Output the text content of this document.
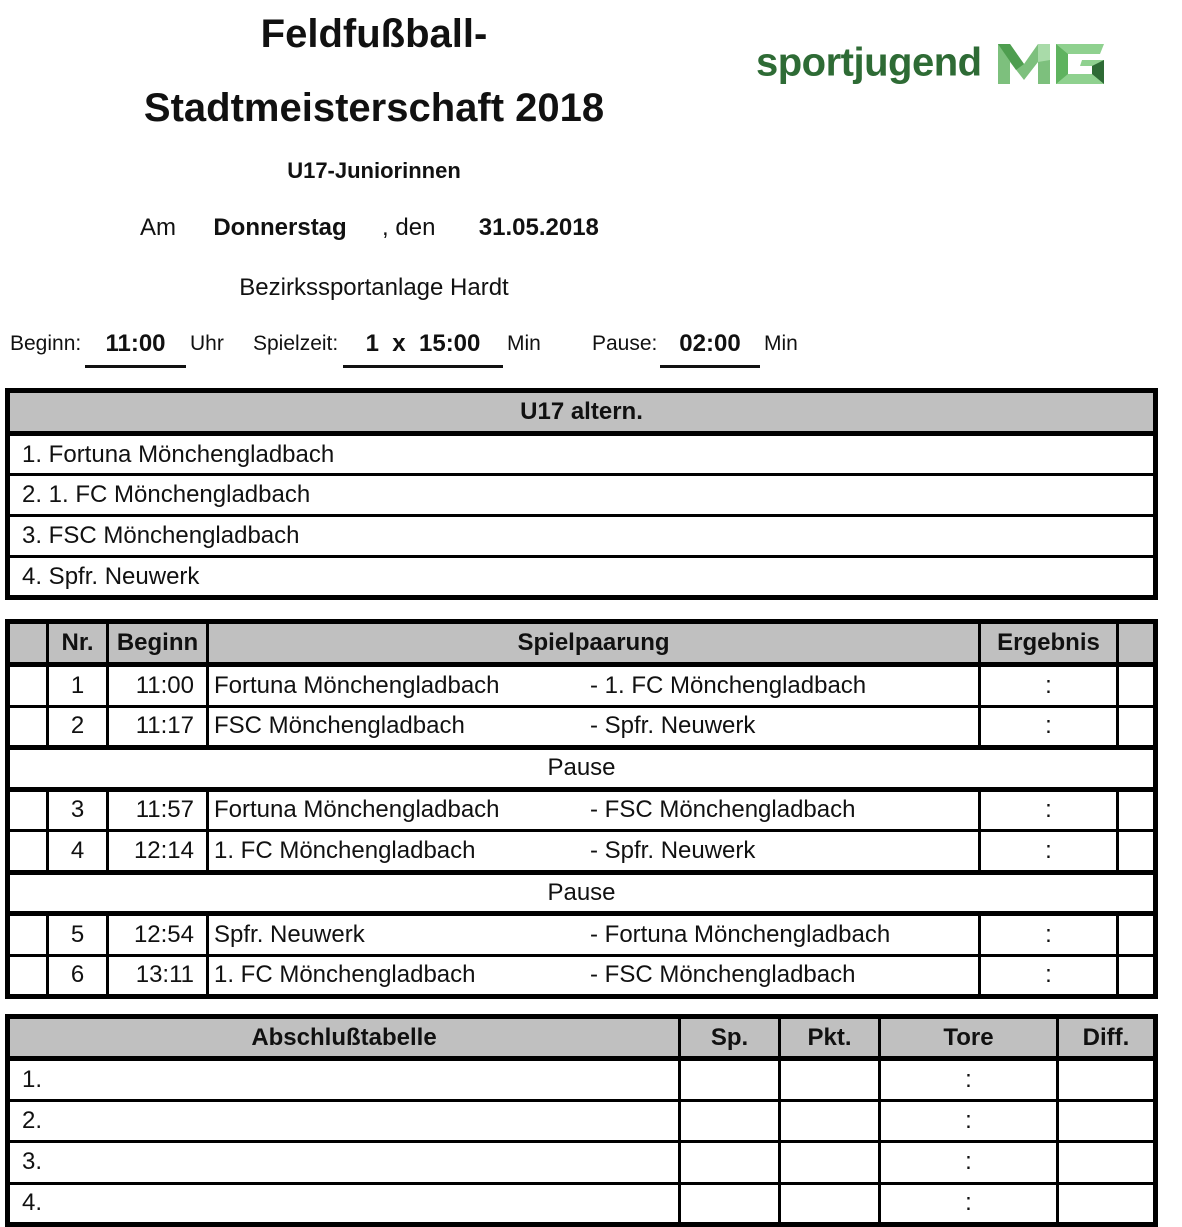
Feldfußball-
Stadtmeisterschaft 2018
U17-Juniorinnen
Am Donnerstag , den 31.05.2018
Bezirkssportanlage Hardt
sportjugend
Beginn:	11:00	Uhr Spielzeit:	1  x  15:00	Min Pause: 02:00	Min
U17 altern.
1. Fortuna Mönchengladbach
2. 1. FC Mönchengladbach
3. FSC Mönchengladbach
4. Spfr. Neuwerk
	Nr.	Beginn	Spielpaarung	Ergebnis	
	1	11:00	Fortuna Mönchengladbach - 1. FC Mönchengladbach	:	
	2	11:17	FSC Mönchengladbach - Spfr. Neuwerk	:	
Pause					
	3	11:57	Fortuna Mönchengladbach - FSC Mönchengladbach	:	
	4	12:14	1. FC Mönchengladbach - Spfr. Neuwerk	:	
Pause					
	5	12:54	Spfr. Neuwerk - Fortuna Mönchengladbach	:	
	6	13:11	1. FC Mönchengladbach - FSC Mönchengladbach	:	
Abschlußtabelle	Sp.	Pkt.	Tore	Diff.
1.			:	
2.			:	
3.			:	
4.			:	
